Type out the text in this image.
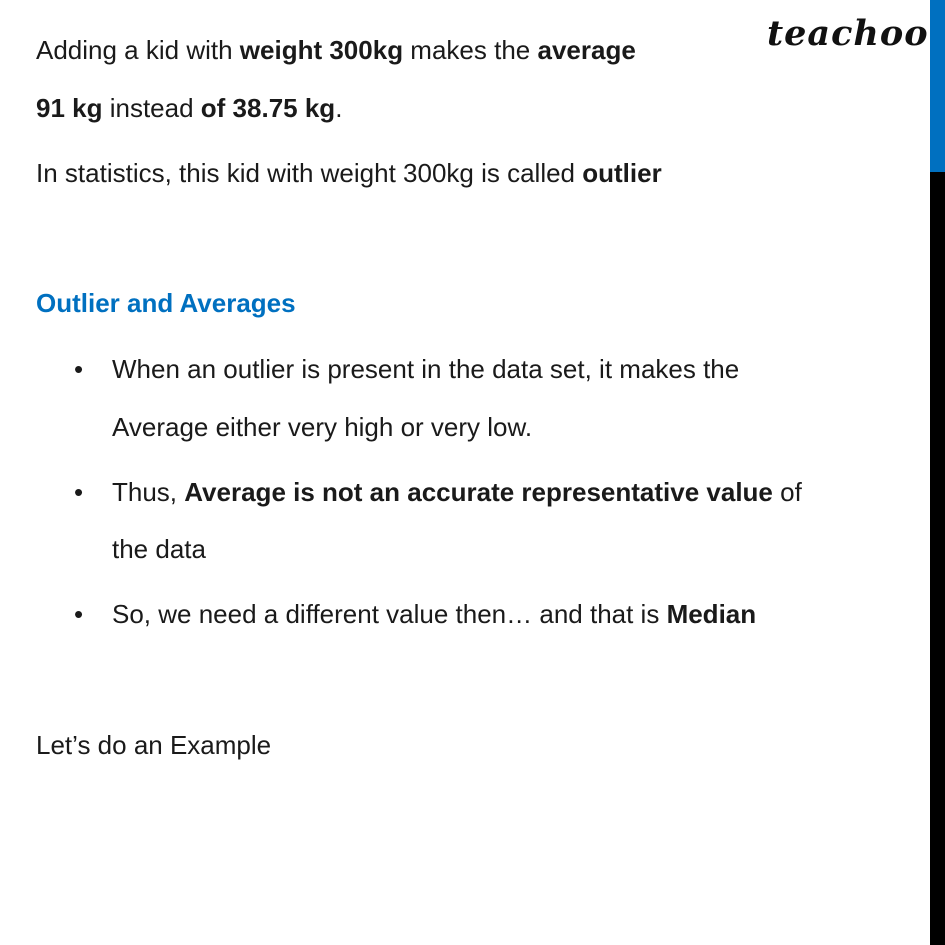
teachoo
Adding a kid with weight 300kg makes the average
91 kg instead of 38.75 kg.
In statistics, this kid with weight 300kg is called outlier
Outlier and Averages
• When an outlier is present in the data set, it makes the
Average either very high or very low.
• Thus, Average is not an accurate representative value of
the data
• So, we need a different value then… and that is Median
Let’s do an Example
